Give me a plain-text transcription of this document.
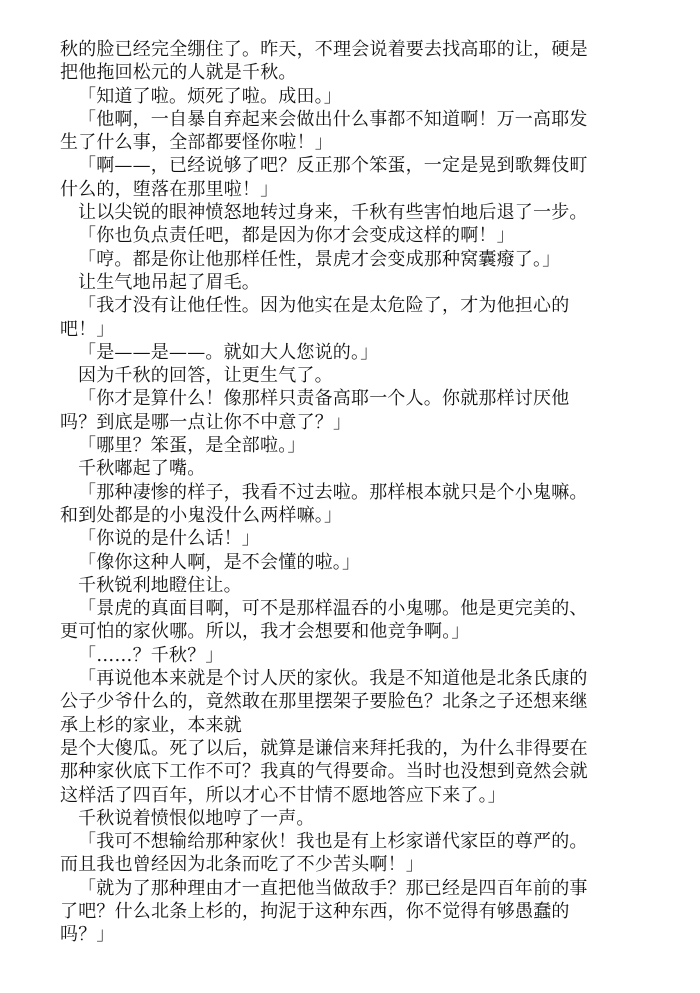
秋的脸已经完全绷住了。昨天，不理会说着要去找高耶的让，硬是
把他拖回松元的人就是千秋。

「知道了啦。烦死了啦。成田。」

「他啊，一自暴自弃起来会做出什么事都不知道啊！万一高耶发
生了什么事，全部都要怪你啦！」

「啊——，已经说够了吧？反正那个笨蛋，一定是晃到歌舞伎町
什么的，堕落在那里啦！」

让以尖锐的眼神愤怒地转过身来，千秋有些害怕地后退了一步。

「你也负点责任吧，都是因为你才会变成这样的啊！」

「哼。都是你让他那样任性，景虎才会变成那种窝囊癈了。」

让生气地吊起了眉毛。

「我才没有让他任性。因为他实在是太危险了，才为他担心的
吧！」

「是——是——。就如大人您说的。」

因为千秋的回答，让更生气了。

「你才是算什么！像那样只责备高耶一个人。你就那样讨厌他
吗？到底是哪一点让你不中意了？」

「哪里？笨蛋，是全部啦。」

千秋嘟起了嘴。

「那种凄惨的样子，我看不过去啦。那样根本就只是个小鬼嘛。
和到处都是的小鬼没什么两样嘛。」

「你说的是什么话！」

「像你这种人啊，是不会懂的啦。」

千秋锐利地瞪住让。

「景虎的真面目啊，可不是那样温吞的小鬼哪。他是更完美的、
更可怕的家伙哪。所以，我才会想要和他竞争啊。」

「……？千秋？」

「再说他本来就是个讨人厌的家伙。我是不知道他是北条氏康的
公子少爷什么的，竟然敢在那里摆架子要脸色？北条之子还想来继
承上杉的家业，本来就

是个大傻瓜。死了以后，就算是谦信来拜托我的，为什么非得要在
那种家伙底下工作不可？我真的气得要命。当时也没想到竟然会就
这样活了四百年，所以才心不甘情不愿地答应下来了。」

千秋说着愤恨似地哼了一声。

「我可不想输给那种家伙！我也是有上杉家谱代家臣的尊严的。
而且我也曾经因为北条而吃了不少苦头啊！」

「就为了那种理由才一直把他当做敌手？那已经是四百年前的事
了吧？什么北条上杉的，拘泥于这种东西，你不觉得有够愚蠢的
吗？」
